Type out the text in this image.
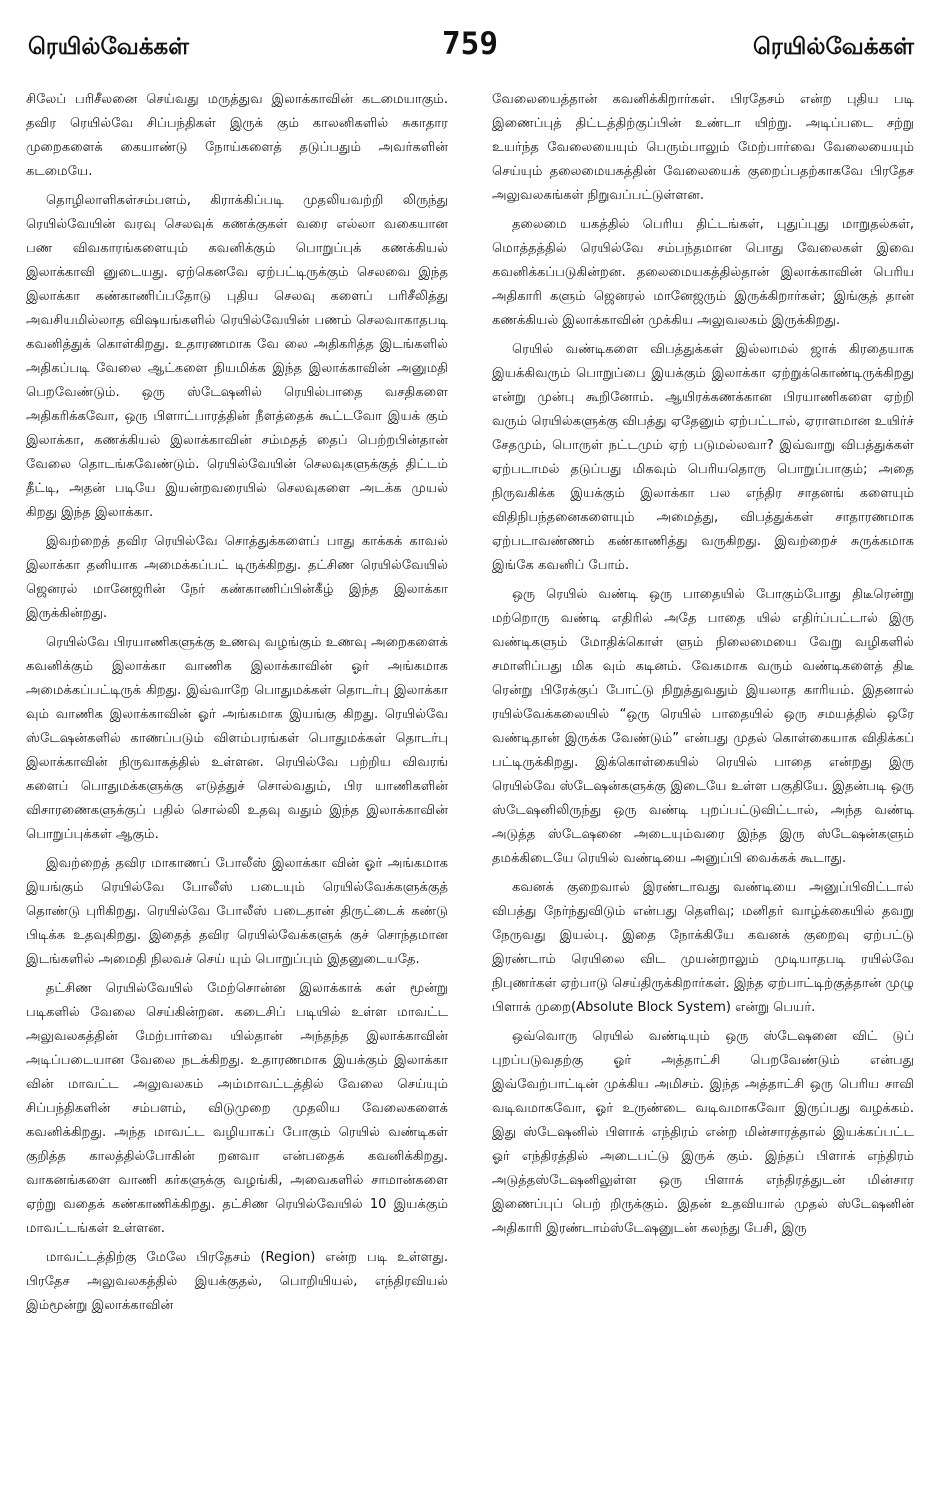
ரெயில்வேக்கள்	759	ரெயில்வேக்கள்

சிலேப் பரிசீலனை செய்வது மருத்துவ இலாக்காவின் கடமையாகும். தவிர ரெயில்வே சிப்பந்திகள் இருக் கும் காலனிகளில் சுகாதார முறைகளைக் கையாண்டு நோய்களைத் தடுப்பதும் அவர்களின் கடமையே.

தொழிலாளிகள்சம்பளம், கிராக்கிப்படி முதலியவற்றி லிருந்து ரெயில்வேயின் வரவு செலவுக் கணக்குகள் வரை எல்லா வகையான பண விவகாரங்களையும் கவனிக்கும் பொறுப்புக் கணக்கியல் இலாக்காவி னுடையது. ஏற்கெனவே ஏற்பட்டிருக்கும் செலவை இந்த இலாக்கா கண்காணிப்பதோடு புதிய செலவு களைப் பரிசீலித்து அவசியமில்லாத விஷயங்களில் ரெயில்வேயின் பணம் செலவாகாதபடி கவனித்துக் கொள்கிறது. உதாரணமாக வே லை அதிகரித்த இடங்களில் அதிகப்படி வேலை ஆட்களை நியமிக்க இந்த இலாக்காவின் அனுமதி பெறவேண்டும். ஒரு ஸ்டேஷனில் ரெயில்பாதை வசதிகளை அதிகரிக்கவோ, ஒரு பிளாட்பாரத்தின் நீளத்தைக் கூட்டவோ இயக் கும் இலாக்கா, கணக்கியல் இலாக்காவின் சம்மதத் தைப் பெற்றபின்தான் வேலை தொடங்கவேண்டும். ரெயில்வேயின் செலவுகளுக்குத் திட்டம் தீட்டி, அதன் படியே இயன்றவரையில் செலவுகளை அடக்க முயல் கிறது இந்த இலாக்கா.

இவற்றைத் தவிர ரெயில்வே சொத்துக்களைப் பாது காக்கக் காவல் இலாக்கா தனியாக அமைக்கப்பட் டிருக்கிறது. தட்சிண ரெயில்வேயில் ஜெனரல் மானேஜரின் நேர் கண்காணிப்பின்கீழ் இந்த இலாக்கா இருக்கின்றது.

ரெயில்வே பிரயாணிகளுக்கு உணவு வழங்கும் உணவு அறைகளைக் கவனிக்கும் இலாக்கா வாணிக இலாக்காவின் ஓர் அங்கமாக அமைக்கப்பட்டிருக் கிறது. இவ்வாறே பொதுமக்கள் தொடர்பு இலாக்கா வும் வாணிக இலாக்காவின் ஓர் அங்கமாக இயங்கு கிறது. ரெயில்வே ஸ்டேஷன்களில் காணப்படும் விளம்பரங்கள் பொதுமக்கள் தொடர்பு இலாக்காவின் நிருவாகத்தில் உள்ளன. ரெயில்வே பற்றிய விவரங் களைப் பொதுமக்களுக்கு எடுத்துச் சொல்வதும், பிர யாணிகளின் விசாரணைகளுக்குப் பதில் சொல்லி உதவு வதும் இந்த இலாக்காவின் பொறுப்புக்கள் ஆகும்.

இவற்றைத் தவிர மாகாணப் போலீஸ் இலாக்கா வின் ஓர் அங்கமாக இயங்கும் ரெயில்வே போலீஸ் படையும் ரெயில்வேக்களுக்குத் தொண்டு புரிகிறது. ரெயில்வே போலீஸ் படைதான் திருட்டைக் கண்டு பிடிக்க உதவுகிறது. இதைத் தவிர ரெயில்வேக்களுக் குச் சொந்தமான இடங்களில் அமைதி நிலவச் செய் யும் பொறுப்பும் இதனுடையதே.

தட்சிண ரெயில்வேயில் மேற்சொன்ன இலாக்காக் கள் மூன்று படிகளில் வேலை செய்கின்றன. கடைசிப் படியில் உள்ள மாவட்ட அலுவலகத்தின் மேற்பார்வை யில்தான் அந்தந்த இலாக்காவின் அடிப்படையான வேலை நடக்கிறது. உதாரணமாக இயக்கும் இலாக்கா வின் மாவட்ட அலுவலகம் அம்மாவட்டத்தில் வேலை செய்யும் சிப்பந்திகளின் சம்பளம், விடுமுறை முதலிய வேலைகளைக் கவனிக்கிறது. அந்த மாவட்ட வழியாகப் போகும் ரெயில் வண்டிகள் குறித்த காலத்தில்போகின் றனவா என்பதைக் கவனிக்கிறது. வாகனங்களை வாணி கர்களுக்கு வழங்கி, அவைகளில் சாமான்களை ஏற்று வதைக் கண்காணிக்கிறது. தட்சிண ரெயில்வேயில் 10 இயக்கும் மாவட்டங்கள் உள்ளன.

மாவட்டத்திற்கு மேலே பிரதேசம் (Region) என்ற படி உள்ளது. பிரதேச அலுவலகத்தில் இயக்குதல், பொறியியல், எந்திரவியல் இம்மூன்று இலாக்காவின்

வேலையைத்தான் கவனிக்கிறார்கள். பிரதேசம் என்ற புதிய படி இணைப்புத் திட்டத்திற்குப்பின் உண்டா யிற்று. அடிப்படை சற்று உயர்ந்த வேலையையும் பெரும்பாலும் மேற்பார்வை வேலையையும் செய்யும் தலைமையகத்தின் வேலையைக் குறைப்பதற்காகவே பிரதேச அலுவலகங்கள் நிறுவப்பட்டுள்ளன.

தலைமை யகத்தில் பெரிய திட்டங்கள், புதுப்புது மாறுதல்கள், மொத்தத்தில் ரெயில்வே சம்பந்தமான பொது வேலைகள் இவை கவனிக்கப்படுகின்றன. தலைமையகத்தில்தான் இலாக்காவின் பெரிய அதிகாரி களும் ஜெனரல் மானேஜரும் இருக்கிறார்கள்; இங்குத் தான் கணக்கியல் இலாக்காவின் முக்கிய அலுவலகம் இருக்கிறது.

ரெயில் வண்டிகளை விபத்துக்கள் இல்லாமல் ஜாக் கிரதையாக இயக்கிவரும் பொறுப்பை இயக்கும் இலாக்கா ஏற்றுக்கொண்டிருக்கிறது என்று முன்பு கூறினோம். ஆயிரக்கணக்கான பிரயாணிகளை ஏற்றி வரும் ரெயில்களுக்கு விபத்து ஏதேனும் ஏற்பட்டால், ஏராளமான உயிர்ச் சேதமும், பொருள் நட்டமும் ஏற் படுமல்லவா? இவ்வாறு விபத்துக்கள் ஏற்படாமல் தடுப்பது மிகவும் பெரியதொரு பொறுப்பாகும்; அதை நிருவகிக்க இயக்கும் இலாக்கா பல எந்திர சாதனங் களையும் விதிநிபந்தனைகளையும் அமைத்து, விபத்துக்கள் சாதாரணமாக ஏற்படாவண்ணம் கண்காணித்து வருகிறது. இவற்றைச் சுருக்கமாக இங்கே கவனிப் போம்.

ஒரு ரெயில் வண்டி ஒரு பாதையில் போகும்போது திடீரென்று மற்றொரு வண்டி எதிரில் அதே பாதை யில் எதிர்ப்பட்டால் இரு வண்டிகளும் மோதிக்கொள் ளும் நிலைமையை வேறு வழிகளில் சமாளிப்பது மிக வும் கடினம். வேகமாக வரும் வண்டிகளைத் திடீ ரென்று பிரேக்குப் போட்டு நிறுத்துவதும் இயலாத காரியம். இதனால் ரயில்வேக்கலையில் “ஒரு ரெயில் பாதையில் ஒரு சமயத்தில் ஒரே வண்டிதான் இருக்க வேண்டும்” என்பது முதல் கொள்கையாக விதிக்கப் பட்டிருக்கிறது. இக்கொள்கையில் ரெயில் பாதை என்றது இரு ரெயில்வே ஸ்டேஷன்களுக்கு இடையே உள்ள பகுதியே. இதன்படி ஒரு ஸ்டேஷனிலிருந்து ஒரு வண்டி புறப்பட்டுவிட்டால், அந்த வண்டி அடுத்த ஸ்டேஷனை அடையும்வரை இந்த இரு ஸ்டேஷன்களும் தமக்கிடையே ரெயில் வண்டியை அனுப்பி வைக்கக் கூடாது.

கவனக் குறைவால் இரண்டாவது வண்டியை அனுப்பிவிட்டால் விபத்து நேர்ந்துவிடும் என்பது தெளிவு; மனிதர் வாழ்க்கையில் தவறு நேருவது இயல்பு. இதை நோக்கியே கவனக் குறைவு ஏற்பட்டு இரண்டாம் ரெயிலை விட முயன்றாலும் முடியாதபடி ரயில்வே நிபுணர்கள் ஏற்பாடு செய்திருக்கிறார்கள். இந்த ஏற்பாட்டிற்குத்தான் முழு பிளாக் முறை(Absolute Block System) என்று பெயர்.

ஒவ்வொரு ரெயில் வண்டியும் ஒரு ஸ்டேஷனை விட் டுப் புறப்படுவதற்கு ஓர் அத்தாட்சி பெறவேண்டும் என்பது இவ்வேற்பாட்டின் முக்கிய அமிசம். இந்த அத்தாட்சி ஒரு பெரிய சாவி வடிவமாகவோ, ஓர் உருண்டை வடிவமாகவோ இருப்பது வழக்கம். இது ஸ்டேஷனில் பிளாக் எந்திரம் என்ற மின்சாரத்தால் இயக்கப்பட்ட ஓர் எந்திரத்தில் அடைபட்டு இருக் கும். இந்தப் பிளாக் எந்திரம் அடுத்தஸ்டேஷனிலுள்ள ஒரு பிளாக் எந்திரத்துடன் மின்சார இணைப்புப் பெற் றிருக்கும். இதன் உதவியால் முதல் ஸ்டேஷனின் அதிகாரி இரண்டாம்ஸ்டேஷனுடன் கலந்து பேசி, இரு
